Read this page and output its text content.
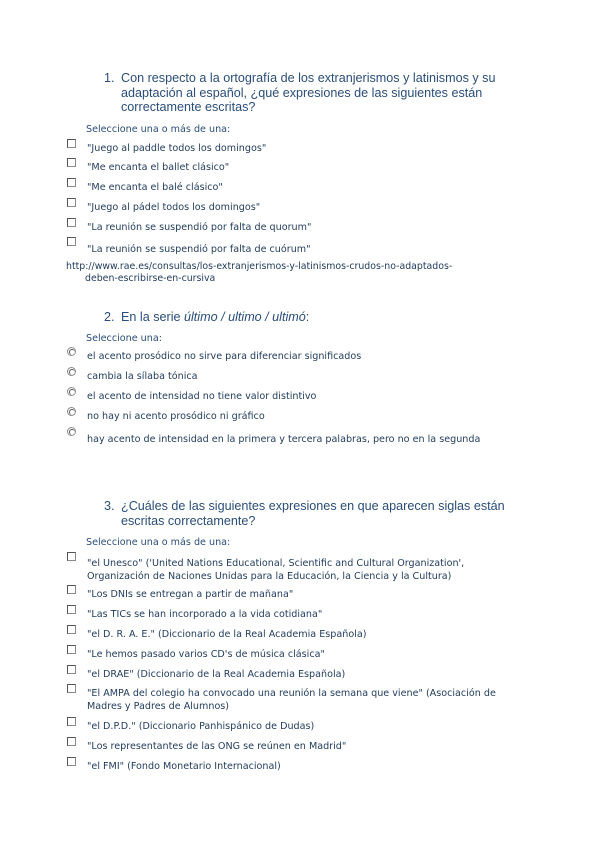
1. Con respecto a la ortografía de los extranjerismos y latinismos y su adaptación al español, ¿qué expresiones de las siguientes están correctamente escritas?
Seleccione una o más de una:
"Juego al paddle todos los domingos"
"Me encanta el ballet clásico"
"Me encanta el balé clásico"
"Juego al pádel todos los domingos"
"La reunión se suspendió por falta de quorum"
"La reunión se suspendió por falta de cuórum"
http://www.rae.es/consultas/los-extranjerismos-y-latinismos-crudos-no-adaptados-
deben-escribirse-en-cursiva
2. En la serie último / ultimo / ultimó:
Seleccione una:
el acento prosódico no sirve para diferenciar significados
cambia la sílaba tónica
el acento de intensidad no tiene valor distintivo
no hay ni acento prosódico ni gráfico
hay acento de intensidad en la primera y tercera palabras, pero no en la segunda
3. ¿Cuáles de las siguientes expresiones en que aparecen siglas están escritas correctamente?
Seleccione una o más de una:
"el Unesco" ('United Nations Educational, Scientific and Cultural Organization', Organización de Naciones Unidas para la Educación, la Ciencia y la Cultura)
"Los DNIs se entregan a partir de mañana"
"Las TICs se han incorporado a la vida cotidiana"
"el D. R. A. E." (Diccionario de la Real Academia Española)
"Le hemos pasado varios CD's de música clásica"
"el DRAE" (Diccionario de la Real Academia Española)
"El AMPA del colegio ha convocado una reunión la semana que viene" (Asociación de Madres y Padres de Alumnos)
"el D.P.D." (Diccionario Panhispánico de Dudas)
"Los representantes de las ONG se reúnen en Madrid"
"el FMI" (Fondo Monetario Internacional)
